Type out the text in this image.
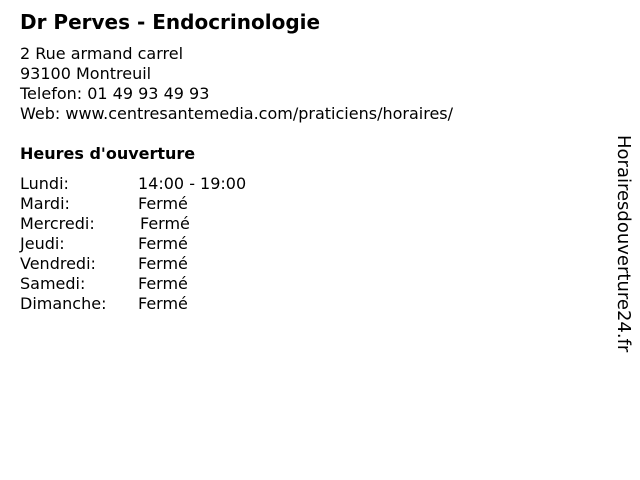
Dr Perves - Endocrinologie
2 Rue armand carrel
93100 Montreuil
Telefon: 01 49 93 49 93
Web: www.centresantemedia.com/praticiens/horaires/
Heures d'ouverture
Lundi:	14:00 - 19:00
Mardi:	Fermé
Mercredi:	Fermé
Jeudi:	Fermé
Vendredi:	Fermé
Samedi:	Fermé
Dimanche: Fermé	Horairesdouverture24.fr
